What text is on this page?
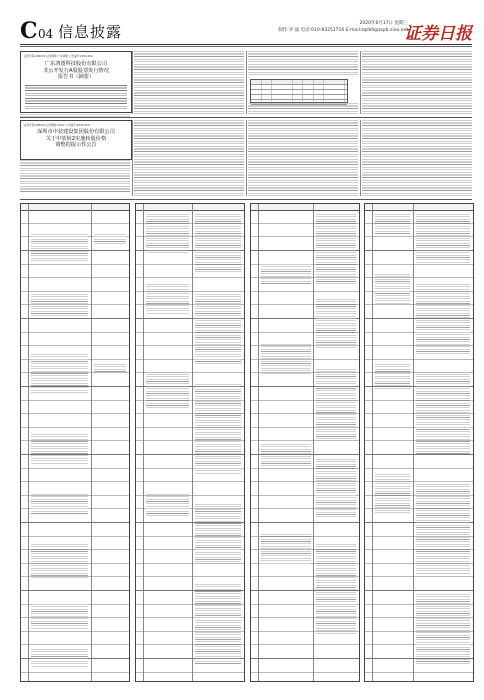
C 04 信息披露	2020年6月17日 星期三
制作:李 波 电话:010-83251716 E-mail:zqrb9@zqrb.sina.net
证券日报
证券代码:002XXX 证券简称:广东鸿图 公告编号:2020-XXX
广东鸿图科技股份有限公司
非公开发行A股股票发行情况
报告书（摘要）
证券代码:000XXX 证券简称:XXXX 公告编号:2020-XXX
深圳市中装建设集团股份有限公司
关于中装转2实施转股价格
调整的提示性公告
